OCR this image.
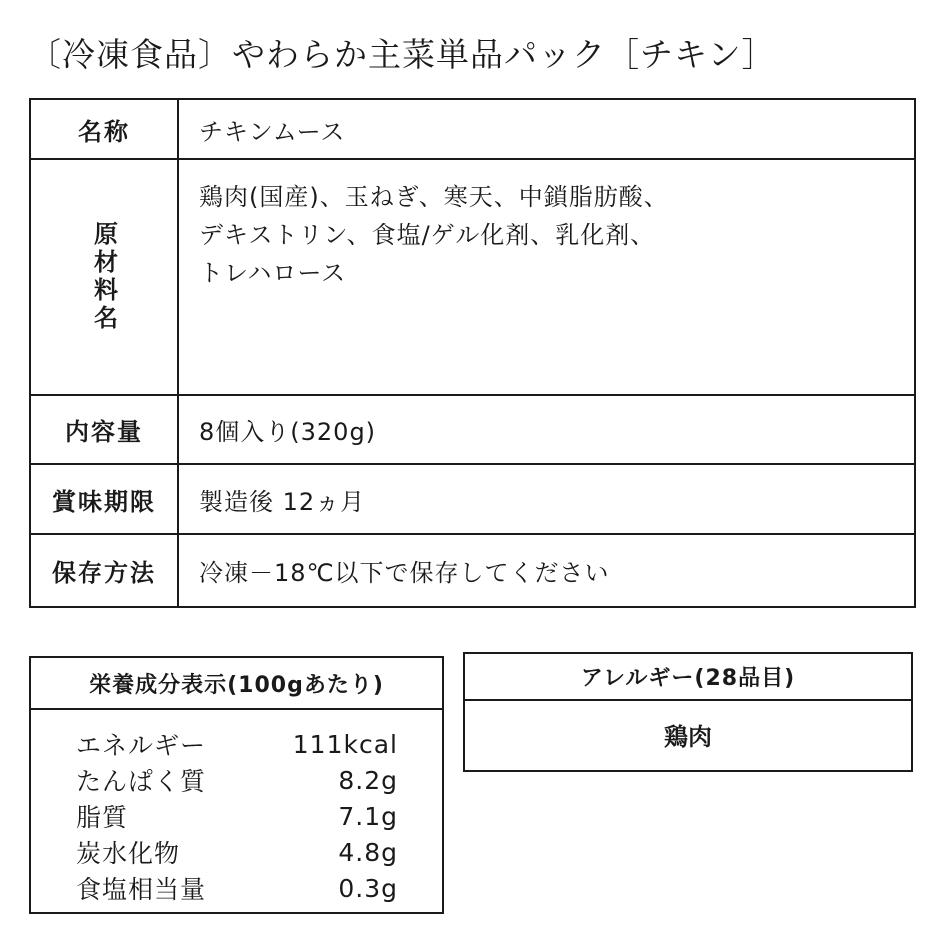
〔冷凍食品〕やわらか主菜単品パック［チキン］
名称	チキンムース
原材料名
鶏肉(国産)、玉ねぎ、寒天、中鎖脂肪酸、
デキストリン、食塩/ゲル化剤、乳化剤、
トレハロース
内容量	8個入り(320g)
賞味期限	製造後 12ヵ月
保存方法	冷凍－18℃以下で保存してください
栄養成分表示(100gあたり)
エネルギー	111kcal
たんぱく質	8.2g
脂質	7.1g
炭水化物	4.8g
食塩相当量	0.3g
アレルギー(28品目)
鶏肉
